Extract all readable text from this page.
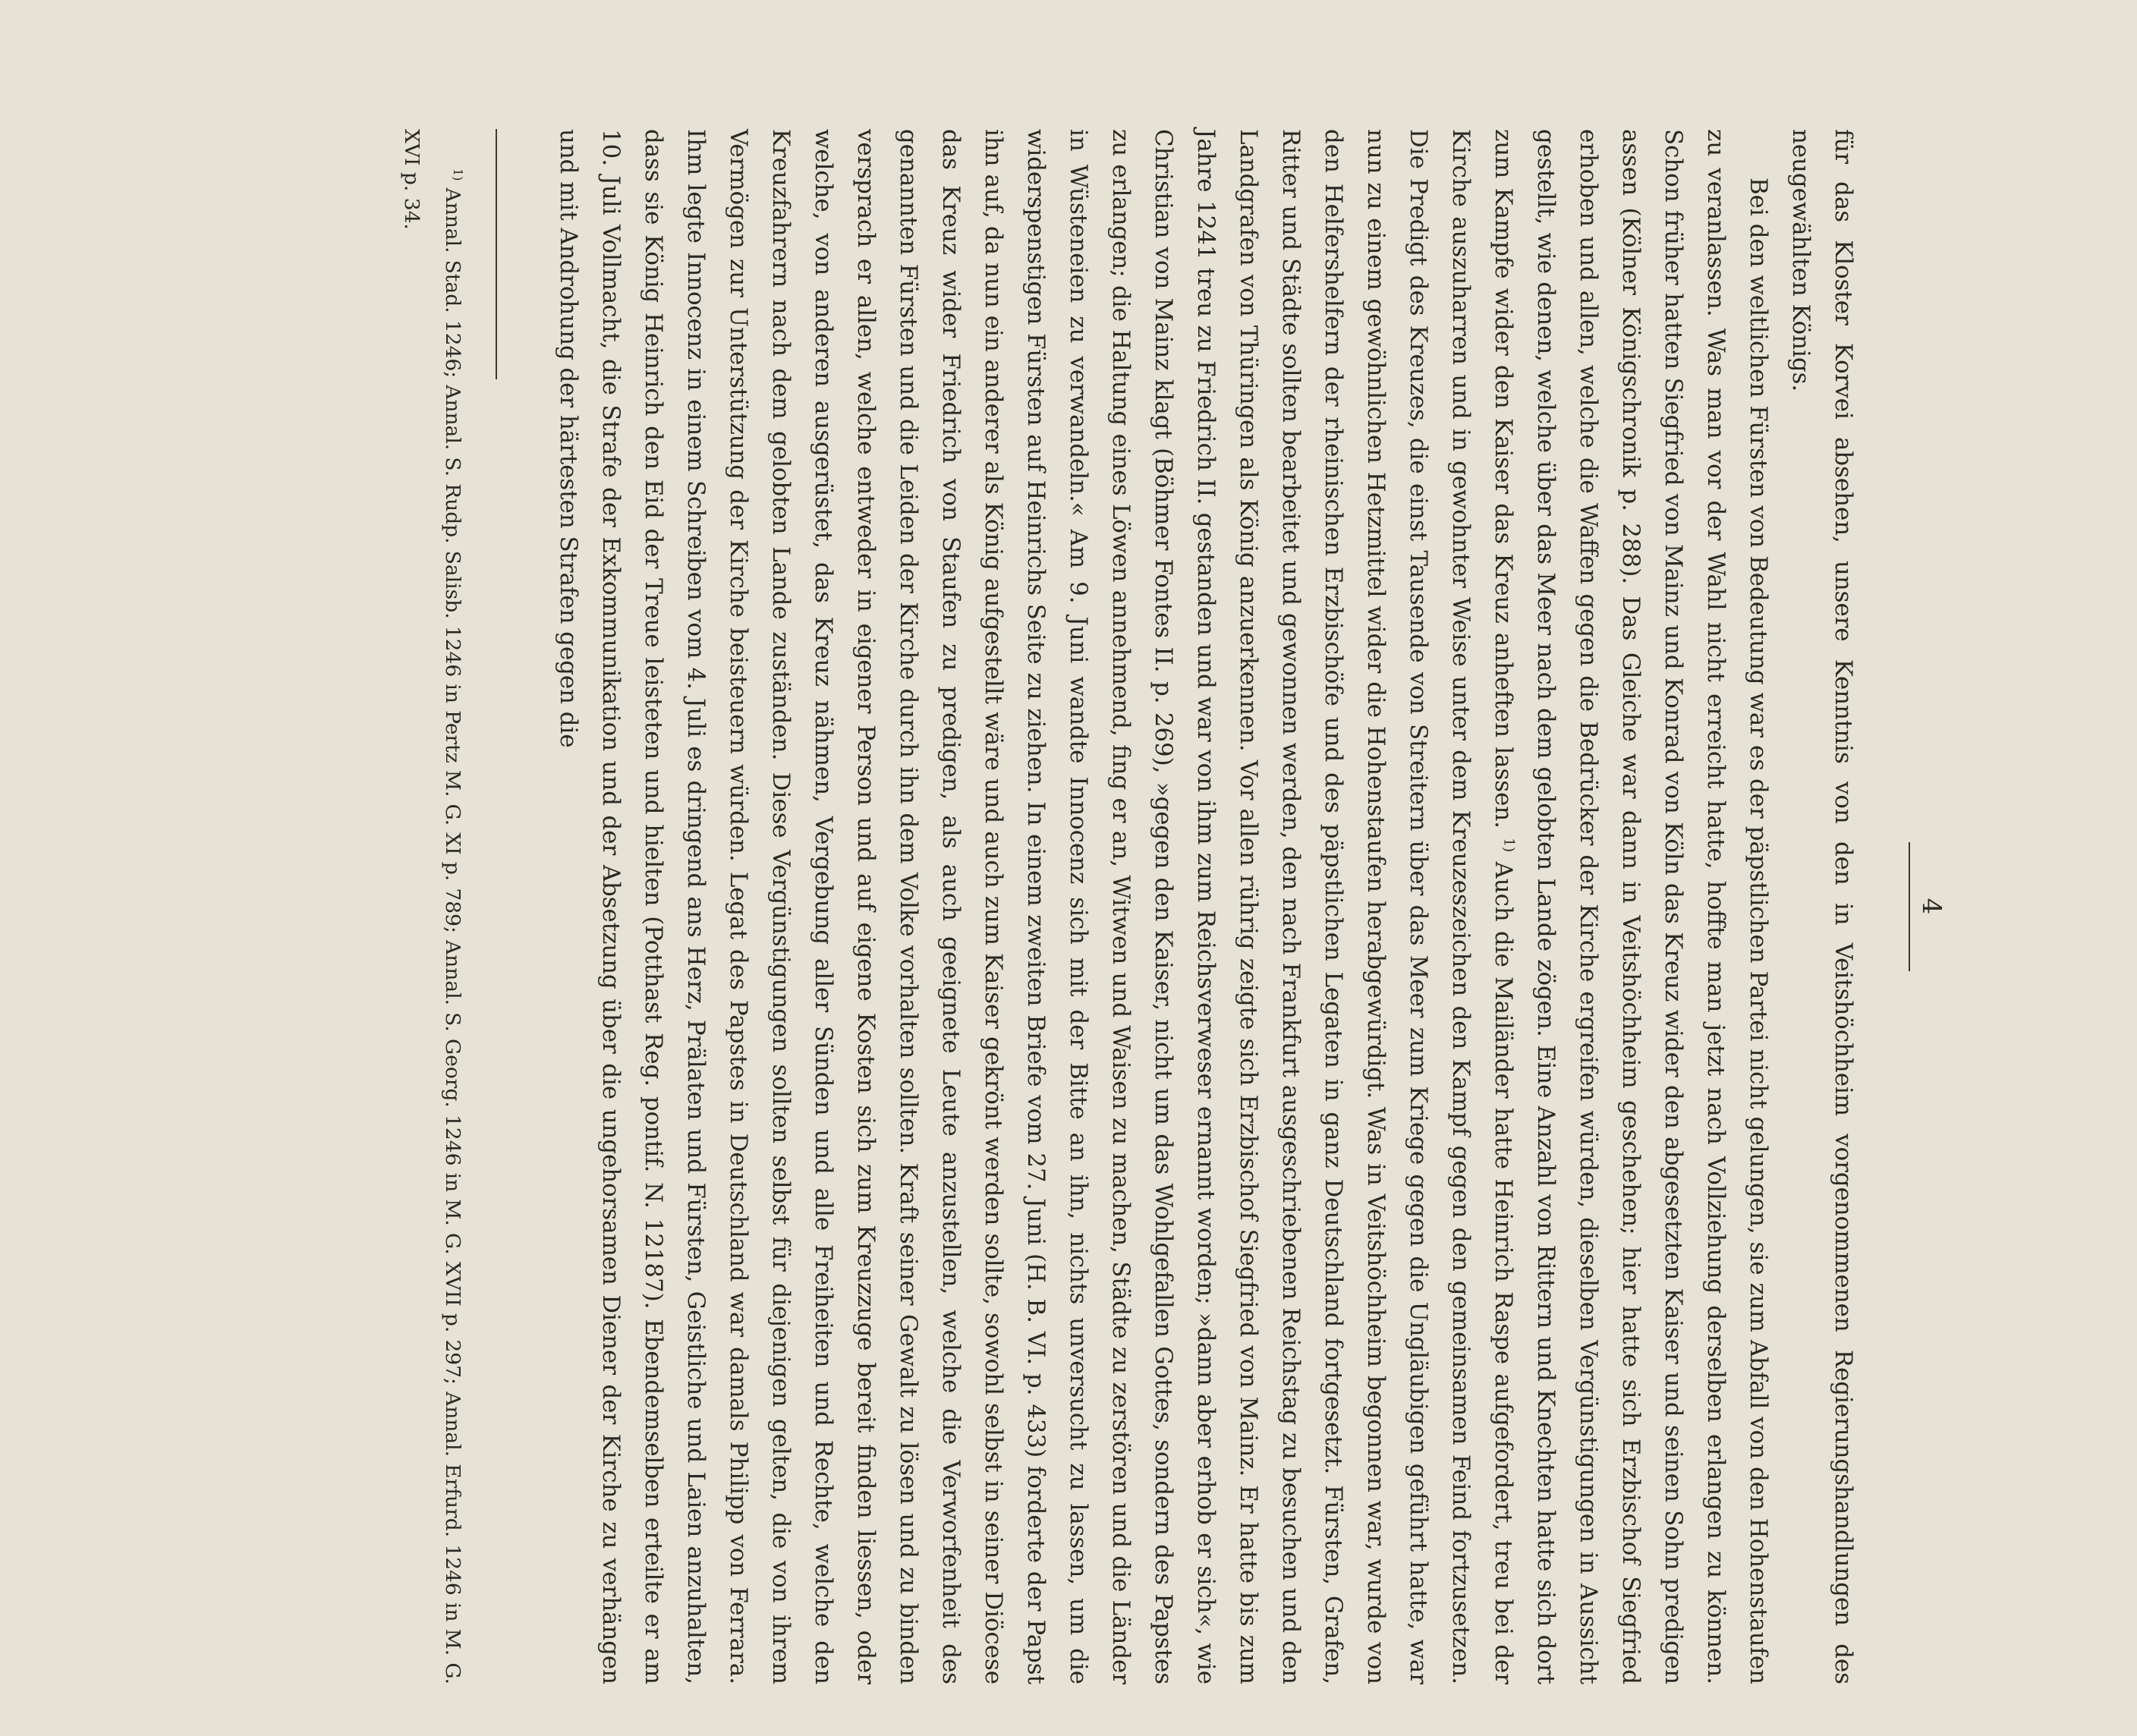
4

für das Kloster Korvei absehen, unsere Kenntnis von den in Veitshöchheim vorgenommenen Regierungshandlungen des neugewählten Königs.

Bei den weltlichen Fürsten von Bedeutung war es der päpstlichen Partei nicht gelungen, sie zum Abfall von den Hohenstaufen zu veranlassen. Was man vor der Wahl nicht erreicht hatte, hoffte man jetzt nach Vollziehung derselben erlangen zu können. Schon früher hatten Siegfried von Mainz und Konrad von Köln das Kreuz wider den abgesetzten Kaiser und seinen Sohn predigen assen (Kölner Königschronik p. 288). Das Gleiche war dann in Veitshöchheim geschehen; hier hatte sich Erzbischof Siegfried erhoben und allen, welche die Waffen gegen die Bedrücker der Kirche ergreifen würden, dieselben Vergünstigungen in Aussicht gestellt, wie denen, welche über das Meer nach dem gelobten Lande zögen. Eine Anzahl von Rittern und Knechten hatte sich dort zum Kampfe wider den Kaiser das Kreuz anheften lassen. $^{1)}$ Auch die Mailänder hatte Heinrich Raspe aufgefordert, treu bei der Kirche auszuharren und in gewohnter Weise unter dem Kreuzeszeichen den Kampf gegen den gemeinsamen Feind fortzusetzen. Die Predigt des Kreuzes, die einst Tausende von Streitern über das Meer zum Kriege gegen die Ungläubigen geführt hatte, war nun zu einem gewöhnlichen Hetzmittel wider die Hohenstaufen herabgewürdigt. Was in Veitshöchheim begonnen war, wurde von den Helfershelfern der rheinischen Erzbischöfe und des päpstlichen Legaten in ganz Deutschland fortgesetzt. Fürsten, Grafen, Ritter und Städte sollten bearbeitet und gewonnen werden, den nach Frankfurt ausgeschriebenen Reichstag zu besuchen und den Landgrafen von Thüringen als König anzuerkennen. Vor allen rührig zeigte sich Erzbischof Siegfried von Mainz. Er hatte bis zum Jahre 1241 treu zu Friedrich II. gestanden und war von ihm zum Reichsverweser ernannt worden; »dann aber erhob er sich«, wie Christian von Mainz klagt (Böhmer Fontes II. p. 269), »gegen den Kaiser, nicht um das Wohlgefallen Gottes, sondern des Papstes zu erlangen; die Haltung eines Löwen annehmend, fing er an, Witwen und Waisen zu machen, Städte zu zerstören und die Länder in Wüsteneien zu verwandeln.« Am 9. Juni wandte Innocenz sich mit der Bitte an ihn, nichts unversucht zu lassen, um die widerspenstigen Fürsten auf Heinrichs Seite zu ziehen. In einem zweiten Briefe vom 27. Juni (H. B. VI. p. 433) forderte der Papst ihn auf, da nun ein anderer als König aufgestellt wäre und auch zum Kaiser gekrönt werden sollte, sowohl selbst in seiner Diöcese das Kreuz wider Friedrich von Staufen zu predigen, als auch geeignete Leute anzustellen, welche die Verworfenheit des genannten Fürsten und die Leiden der Kirche durch ihn dem Volke vorhalten sollten. Kraft seiner Gewalt zu lösen und zu binden versprach er allen, welche entweder in eigener Person und auf eigene Kosten sich zum Kreuzzuge bereit finden liessen, oder welche, von anderen ausgerüstet, das Kreuz nähmen, Vergebung aller Sünden und alle Freiheiten und Rechte, welche den Kreuzfahrern nach dem gelobten Lande zuständen. Diese Vergünstigungen sollten selbst für diejenigen gelten, die von ihrem Vermögen zur Unterstützung der Kirche beisteuern würden. Legat des Papstes in Deutschland war damals Philipp von Ferrara. Ihm legte Innocenz in einem Schreiben vom 4. Juli es dringend ans Herz, Prälaten und Fürsten, Geistliche und Laien anzuhalten, dass sie König Heinrich den Eid der Treue leisteten und hielten (Potthast Reg. pontif. N. 12187). Ebendemselben erteilte er am 10. Juli Vollmacht, die Strafe der Exkommunikation und der Absetzung über die ungehorsamen Diener der Kirche zu verhängen und mit Androhung der härtesten Strafen gegen die

$^{1)}$ Annal. Stad. 1246; Annal. S. Rudp. Salisb. 1246 in Pertz M. G. XI p. 789; Annal. S. Georg. 1246 in M. G. XVII p. 297; Annal. Erfurd. 1246 in M. G. XVI p. 34.
